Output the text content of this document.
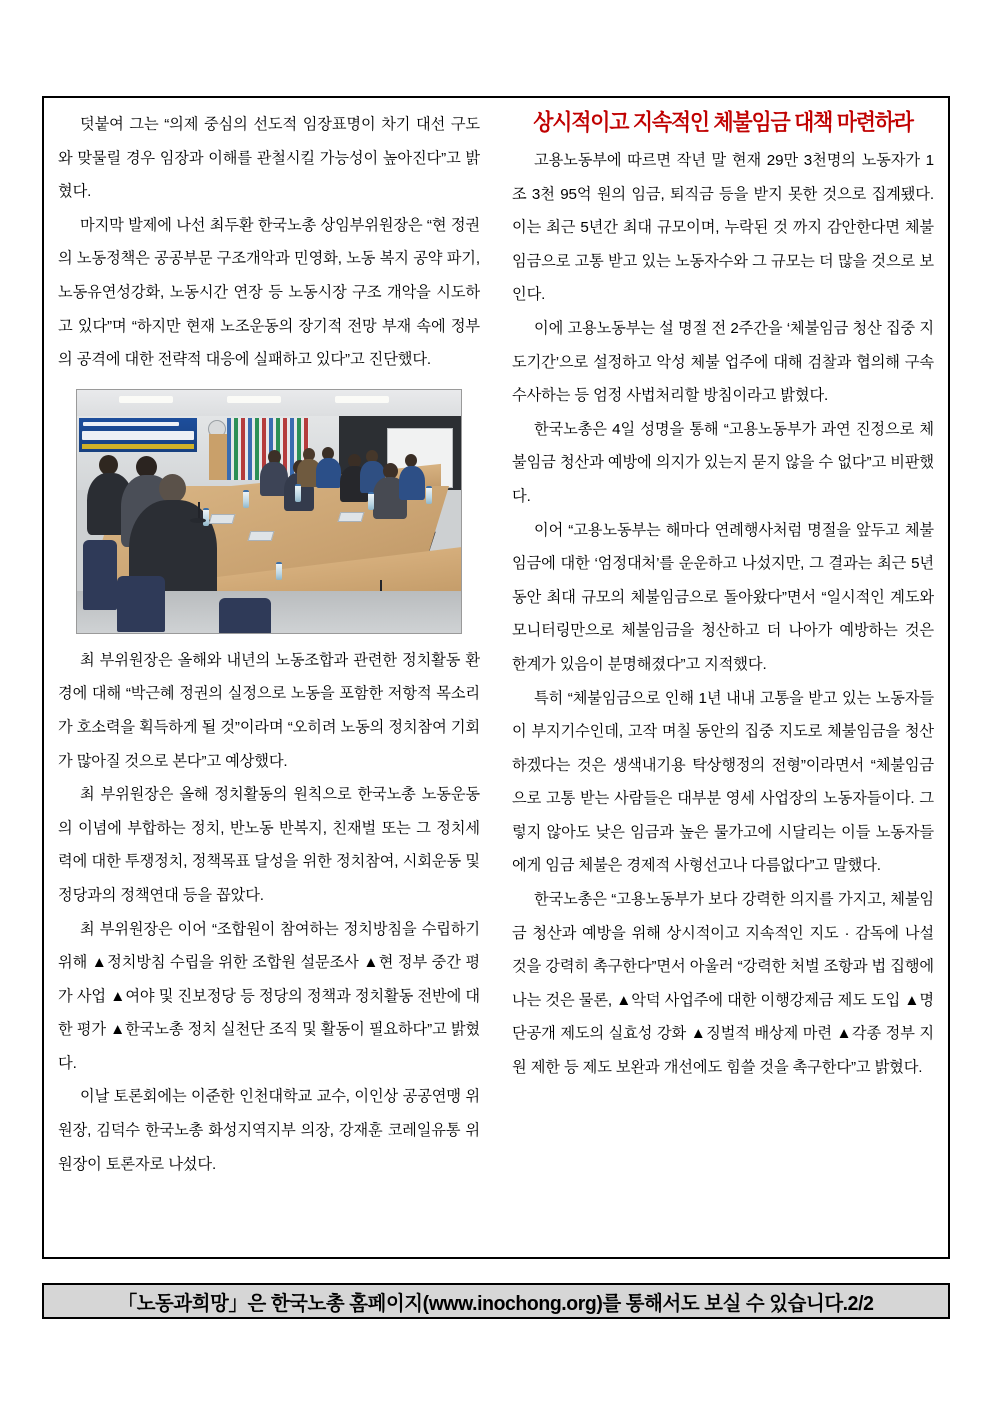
덧붙여 그는 “의제 중심의 선도적 임장표명이 차기 대선 구도와 맞물릴 경우 임장과 이해를 관철시킬 가능성이 높아진다”고 밝혔다.

마지막 발제에 나선 최두환 한국노총 상임부위원장은 “현 정권의 노동정책은 공공부문 구조개악과 민영화, 노동 복지 공약 파기, 노동유연성강화, 노동시간 연장 등 노동시장 구조 개악을 시도하고 있다”며 “하지만 현재 노조운동의 장기적 전망 부재 속에 정부의 공격에 대한 전략적 대응에 실패하고 있다”고 진단했다.

최 부위원장은 올해와 내년의 노동조합과 관련한 정치활동 환경에 대해 “박근혜 정권의 실정으로 노동을 포함한 저항적 목소리가 호소력을 획득하게 될 것”이라며 “오히려 노동의 정치참여 기회가 많아질 것으로 본다”고 예상했다.

최 부위원장은 올해 정치활동의 원칙으로 한국노총 노동운동의 이념에 부합하는 정치, 반노동 반복지, 친재벌 또는 그 정치세력에 대한 투쟁정치, 정책목표 달성을 위한 정치참여, 시회운동 및 정당과의 정책연대 등을 꼽았다.

최 부위원장은 이어 “조합원이 참여하는 정치방침을 수립하기 위해 ▲정치방침 수립을 위한 조합원 설문조사 ▲현 정부 중간 평가 사업 ▲여야 및 진보정당 등 정당의 정책과 정치활동 전반에 대한 평가 ▲한국노총 정치 실천단 조직 및 활동이 필요하다”고 밝혔다.

이날 토론회에는 이준한 인천대학교 교수, 이인상 공공연맹 위원장, 김덕수 한국노총 화성지역지부 의장, 강재훈 코레일유통 위원장이 토론자로 나섰다.

상시적이고 지속적인 체불임금 대책 마련하라

고용노동부에 따르면 작년 말 현재 29만 3천명의 노동자가 1조 3천 95억 원의 임금, 퇴직금 등을 받지 못한 것으로 집계됐다. 이는 최근 5년간 최대 규모이며, 누락된 것 까지 감안한다면 체불임금으로 고통 받고 있는 노동자수와 그 규모는 더 많을 것으로 보인다.

이에 고용노동부는 설 명절 전 2주간을 ‘체불임금 청산 집중 지도기간’으로 설정하고 악성 체불 업주에 대해 검찰과 협의해 구속 수사하는 등 엄정 사법처리할 방침이라고 밝혔다.

한국노총은 4일 성명을 통해 “고용노동부가 과연 진정으로 체불임금 청산과 예방에 의지가 있는지 묻지 않을 수 없다”고 비판했다.

이어 “고용노동부는 해마다 연례행사처럼 명절을 앞두고 체불임금에 대한 ‘엄정대처’를 운운하고 나섰지만, 그 결과는 최근 5년 동안 최대 규모의 체불임금으로 돌아왔다”면서 “일시적인 계도와 모니터링만으로 체불임금을 청산하고 더 나아가 예방하는 것은 한계가 있음이 분명해졌다”고 지적했다.

특히 “체불임금으로 인해 1년 내내 고통을 받고 있는 노동자들이 부지기수인데, 고작 며칠 동안의 집중 지도로 체불임금을 청산하겠다는 것은 생색내기용 탁상행정의 전형”이라면서 “체불임금으로 고통 받는 사람들은 대부분 영세 사업장의 노동자들이다. 그렇지 않아도 낮은 임금과 높은 물가고에 시달리는 이들 노동자들에게 임금 체불은 경제적 사형선고나 다름없다”고 말했다.

한국노총은 “고용노동부가 보다 강력한 의지를 가지고, 체불임금 청산과 예방을 위해 상시적이고 지속적인 지도 · 감독에 나설 것을 강력히 촉구한다”면서 아울러 “강력한 처벌 조항과 법 집행에 나는 것은 물론, ▲악덕 사업주에 대한 이행강제금 제도 도입 ▲명단공개 제도의 실효성 강화 ▲징벌적 배상제 마련 ▲각종 정부 지원 제한 등 제도 보완과 개선에도 힘쓸 것을 촉구한다”고 밝혔다.

「노동과희망」은 한국노총 홈페이지(www.inochong.org)를 통해서도 보실 수 있습니다.2/2
